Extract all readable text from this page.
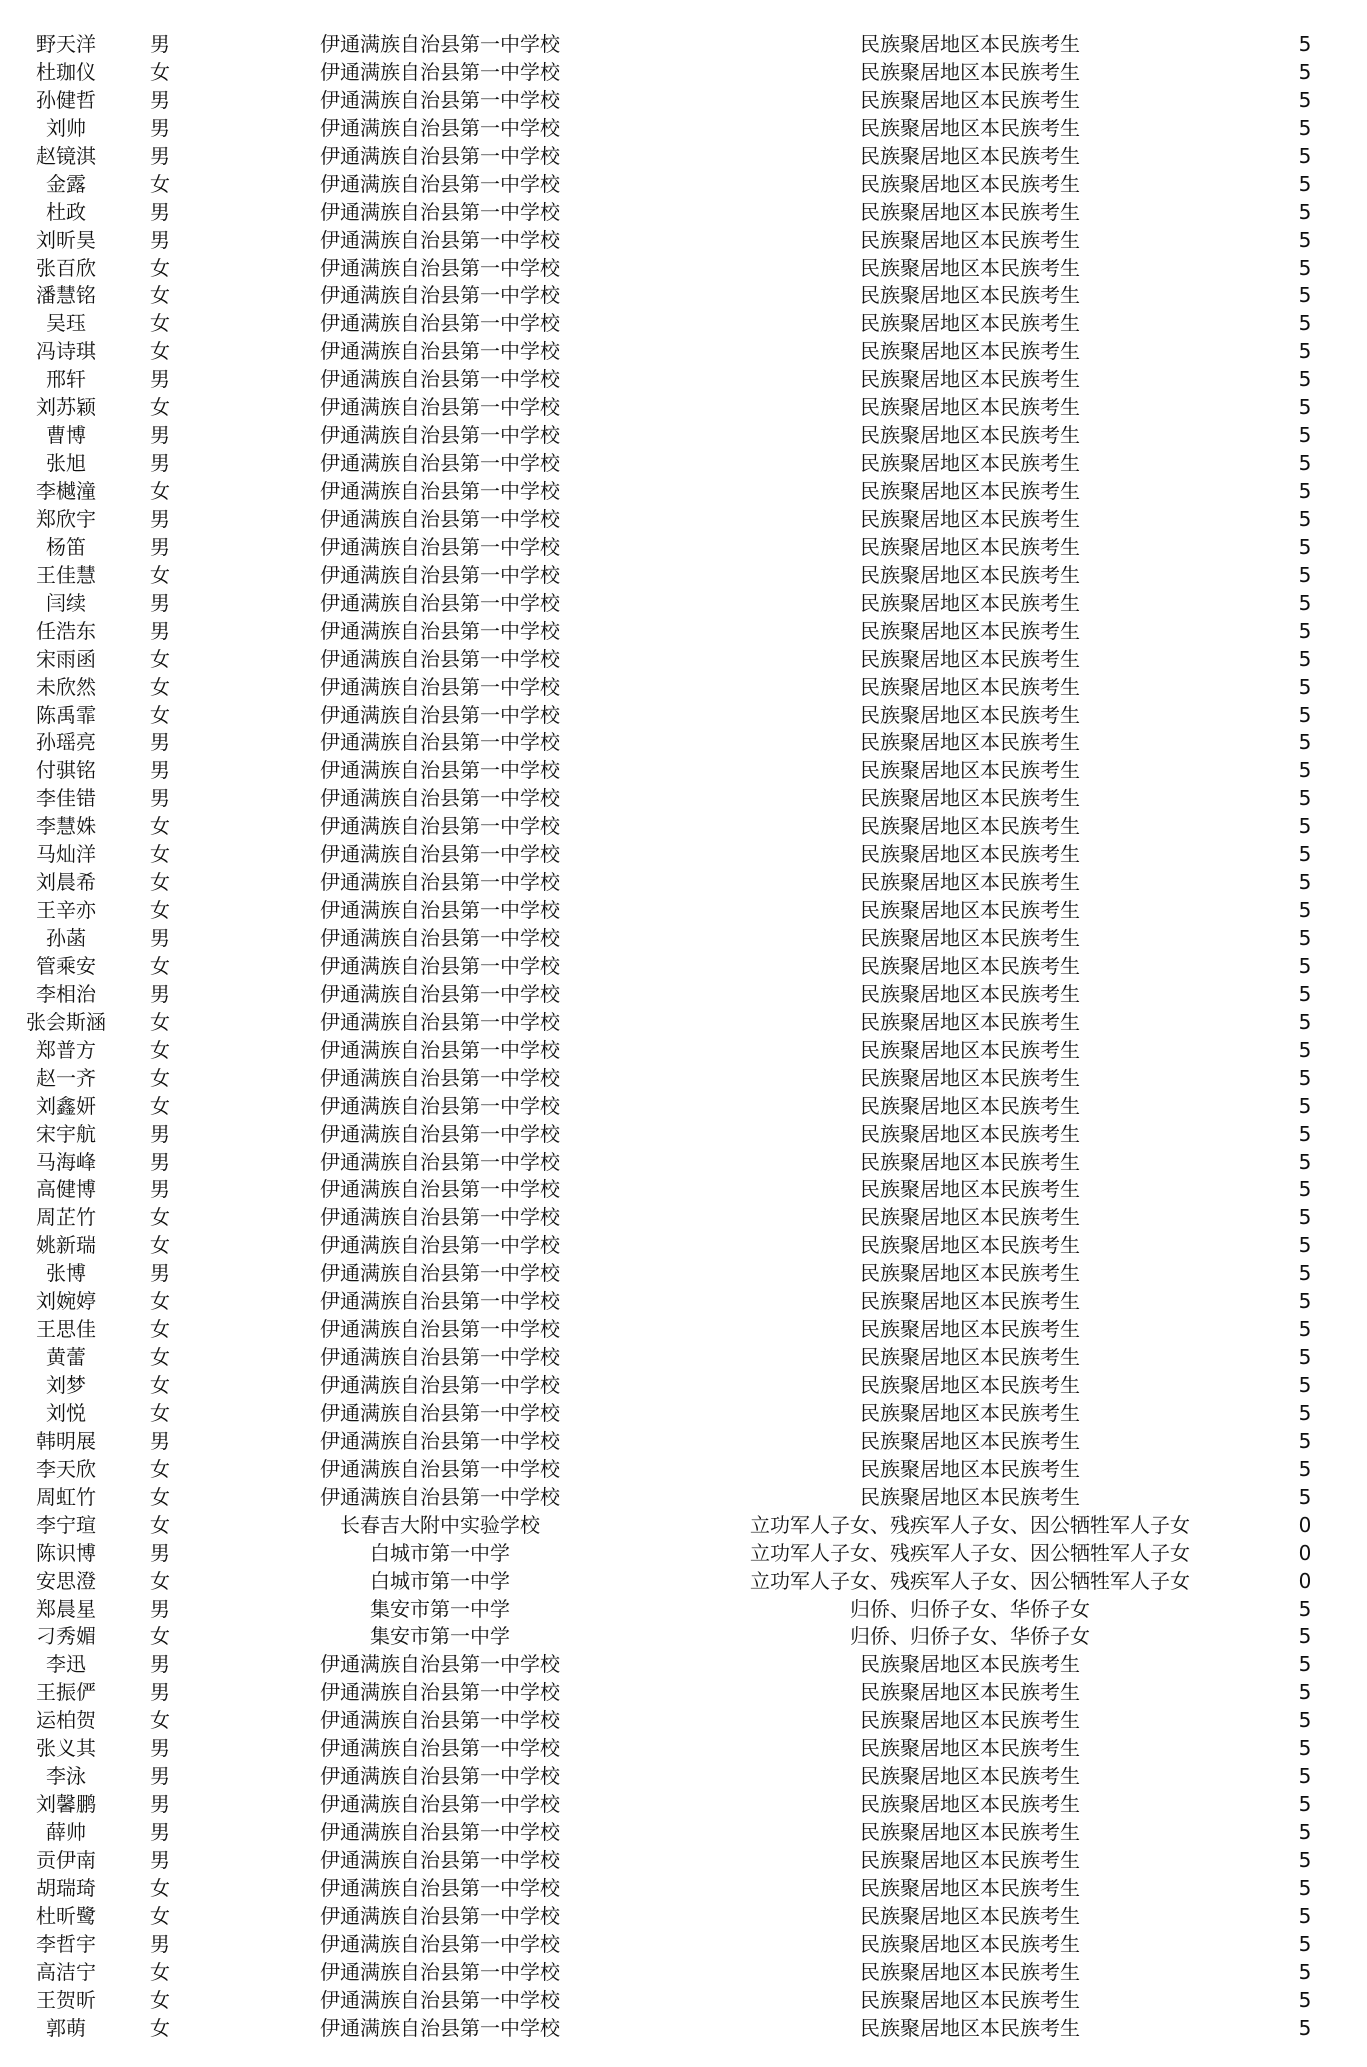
野天洋	男	伊通满族自治县第一中学校	民族聚居地区本民族考生	5
杜珈仪	女	伊通满族自治县第一中学校	民族聚居地区本民族考生	5
孙健哲	男	伊通满族自治县第一中学校	民族聚居地区本民族考生	5
刘帅	男	伊通满族自治县第一中学校	民族聚居地区本民族考生	5
赵镜淇	男	伊通满族自治县第一中学校	民族聚居地区本民族考生	5
金露	女	伊通满族自治县第一中学校	民族聚居地区本民族考生	5
杜政	男	伊通满族自治县第一中学校	民族聚居地区本民族考生	5
刘昕昊	男	伊通满族自治县第一中学校	民族聚居地区本民族考生	5
张百欣	女	伊通满族自治县第一中学校	民族聚居地区本民族考生	5
潘慧铭	女	伊通满族自治县第一中学校	民族聚居地区本民族考生	5
吴珏	女	伊通满族自治县第一中学校	民族聚居地区本民族考生	5
冯诗琪	女	伊通满族自治县第一中学校	民族聚居地区本民族考生	5
邢轩	男	伊通满族自治县第一中学校	民族聚居地区本民族考生	5
刘苏颖	女	伊通满族自治县第一中学校	民族聚居地区本民族考生	5
曹博	男	伊通满族自治县第一中学校	民族聚居地区本民族考生	5
张旭	男	伊通满族自治县第一中学校	民族聚居地区本民族考生	5
李樾潼	女	伊通满族自治县第一中学校	民族聚居地区本民族考生	5
郑欣宇	男	伊通满族自治县第一中学校	民族聚居地区本民族考生	5
杨笛	男	伊通满族自治县第一中学校	民族聚居地区本民族考生	5
王佳慧	女	伊通满族自治县第一中学校	民族聚居地区本民族考生	5
闫续	男	伊通满族自治县第一中学校	民族聚居地区本民族考生	5
任浩东	男	伊通满族自治县第一中学校	民族聚居地区本民族考生	5
宋雨函	女	伊通满族自治县第一中学校	民族聚居地区本民族考生	5
未欣然	女	伊通满族自治县第一中学校	民族聚居地区本民族考生	5
陈禹霏	女	伊通满族自治县第一中学校	民族聚居地区本民族考生	5
孙瑶亮	男	伊通满族自治县第一中学校	民族聚居地区本民族考生	5
付骐铭	男	伊通满族自治县第一中学校	民族聚居地区本民族考生	5
李佳错	男	伊通满族自治县第一中学校	民族聚居地区本民族考生	5
李慧姝	女	伊通满族自治县第一中学校	民族聚居地区本民族考生	5
马灿洋	女	伊通满族自治县第一中学校	民族聚居地区本民族考生	5
刘晨希	女	伊通满族自治县第一中学校	民族聚居地区本民族考生	5
王辛亦	女	伊通满族自治县第一中学校	民族聚居地区本民族考生	5
孙菡	男	伊通满族自治县第一中学校	民族聚居地区本民族考生	5
管乘安	女	伊通满族自治县第一中学校	民族聚居地区本民族考生	5
李相治	男	伊通满族自治县第一中学校	民族聚居地区本民族考生	5
张会斯涵	女	伊通满族自治县第一中学校	民族聚居地区本民族考生	5
郑普方	女	伊通满族自治县第一中学校	民族聚居地区本民族考生	5
赵一齐	女	伊通满族自治县第一中学校	民族聚居地区本民族考生	5
刘鑫妍	女	伊通满族自治县第一中学校	民族聚居地区本民族考生	5
宋宇航	男	伊通满族自治县第一中学校	民族聚居地区本民族考生	5
马海峰	男	伊通满族自治县第一中学校	民族聚居地区本民族考生	5
高健博	男	伊通满族自治县第一中学校	民族聚居地区本民族考生	5
周芷竹	女	伊通满族自治县第一中学校	民族聚居地区本民族考生	5
姚新瑞	女	伊通满族自治县第一中学校	民族聚居地区本民族考生	5
张博	男	伊通满族自治县第一中学校	民族聚居地区本民族考生	5
刘婉婷	女	伊通满族自治县第一中学校	民族聚居地区本民族考生	5
王思佳	女	伊通满族自治县第一中学校	民族聚居地区本民族考生	5
黄蕾	女	伊通满族自治县第一中学校	民族聚居地区本民族考生	5
刘梦	女	伊通满族自治县第一中学校	民族聚居地区本民族考生	5
刘悦	女	伊通满族自治县第一中学校	民族聚居地区本民族考生	5
韩明展	男	伊通满族自治县第一中学校	民族聚居地区本民族考生	5
李天欣	女	伊通满族自治县第一中学校	民族聚居地区本民族考生	5
周虹竹	女	伊通满族自治县第一中学校	民族聚居地区本民族考生	5
李宁瑄	女	长春吉大附中实验学校	立功军人子女、残疾军人子女、因公牺牲军人子女	0
陈识博	男	白城市第一中学	立功军人子女、残疾军人子女、因公牺牲军人子女	0
安思澄	女	白城市第一中学	立功军人子女、残疾军人子女、因公牺牲军人子女	0
郑晨星	男	集安市第一中学	归侨、归侨子女、华侨子女	5
刁秀媚	女	集安市第一中学	归侨、归侨子女、华侨子女	5
李迅	男	伊通满族自治县第一中学校	民族聚居地区本民族考生	5
王振俨	男	伊通满族自治县第一中学校	民族聚居地区本民族考生	5
运柏贺	女	伊通满族自治县第一中学校	民族聚居地区本民族考生	5
张义其	男	伊通满族自治县第一中学校	民族聚居地区本民族考生	5
李泳	男	伊通满族自治县第一中学校	民族聚居地区本民族考生	5
刘馨鹏	男	伊通满族自治县第一中学校	民族聚居地区本民族考生	5
薛帅	男	伊通满族自治县第一中学校	民族聚居地区本民族考生	5
贡伊南	男	伊通满族自治县第一中学校	民族聚居地区本民族考生	5
胡瑞琦	女	伊通满族自治县第一中学校	民族聚居地区本民族考生	5
杜昕鹭	女	伊通满族自治县第一中学校	民族聚居地区本民族考生	5
李哲宇	男	伊通满族自治县第一中学校	民族聚居地区本民族考生	5
高洁宁	女	伊通满族自治县第一中学校	民族聚居地区本民族考生	5
王贺昕	女	伊通满族自治县第一中学校	民族聚居地区本民族考生	5
郭萌	女	伊通满族自治县第一中学校	民族聚居地区本民族考生	5
